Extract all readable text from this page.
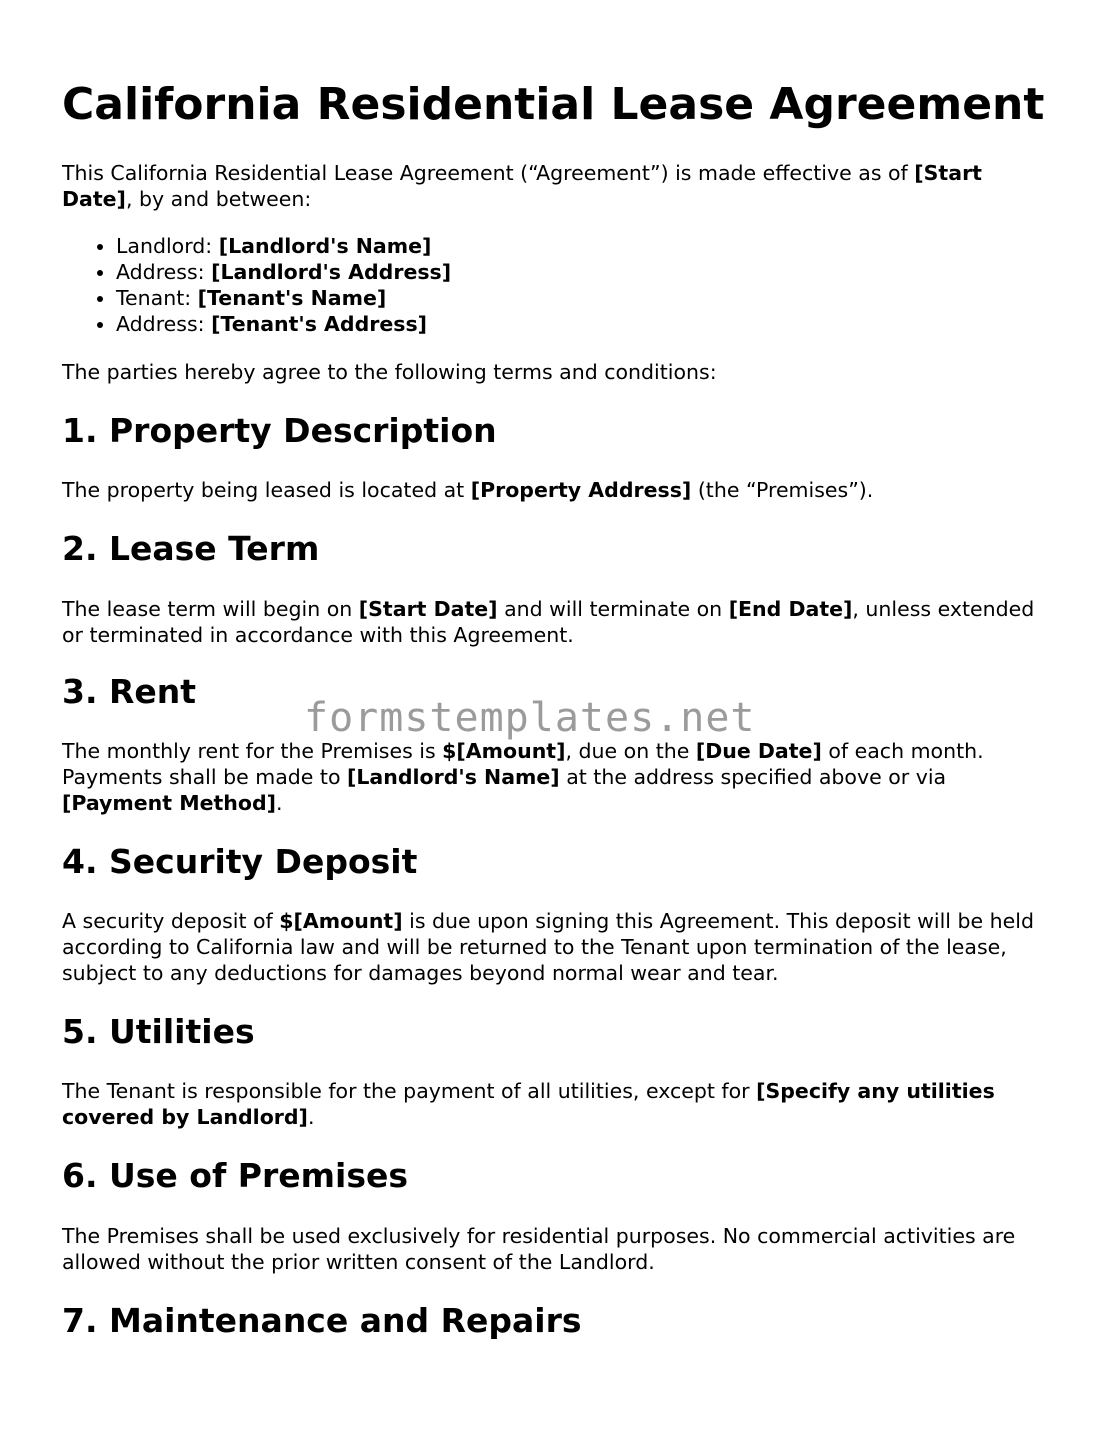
California Residential Lease Agreement

This California Residential Lease Agreement (“Agreement”) is made effective as of [Start Date], by and between:

• Landlord: [Landlord's Name]
• Address: [Landlord's Address]
• Tenant: [Tenant's Name]
• Address: [Tenant's Address]

The parties hereby agree to the following terms and conditions:

1. Property Description

The property being leased is located at [Property Address] (the “Premises”).

2. Lease Term

The lease term will begin on [Start Date] and will terminate on [End Date], unless extended or terminated in accordance with this Agreement.

3. Rent

The monthly rent for the Premises is $[Amount], due on the [Due Date] of each month. Payments shall be made to [Landlord's Name] at the address specified above or via [Payment Method].

4. Security Deposit

A security deposit of $[Amount] is due upon signing this Agreement. This deposit will be held according to California law and will be returned to the Tenant upon termination of the lease, subject to any deductions for damages beyond normal wear and tear.

5. Utilities

The Tenant is responsible for the payment of all utilities, except for [Specify any utilities covered by Landlord].

6. Use of Premises

The Premises shall be used exclusively for residential purposes. No commercial activities are allowed without the prior written consent of the Landlord.

7. Maintenance and Repairs
formstemplates.net
